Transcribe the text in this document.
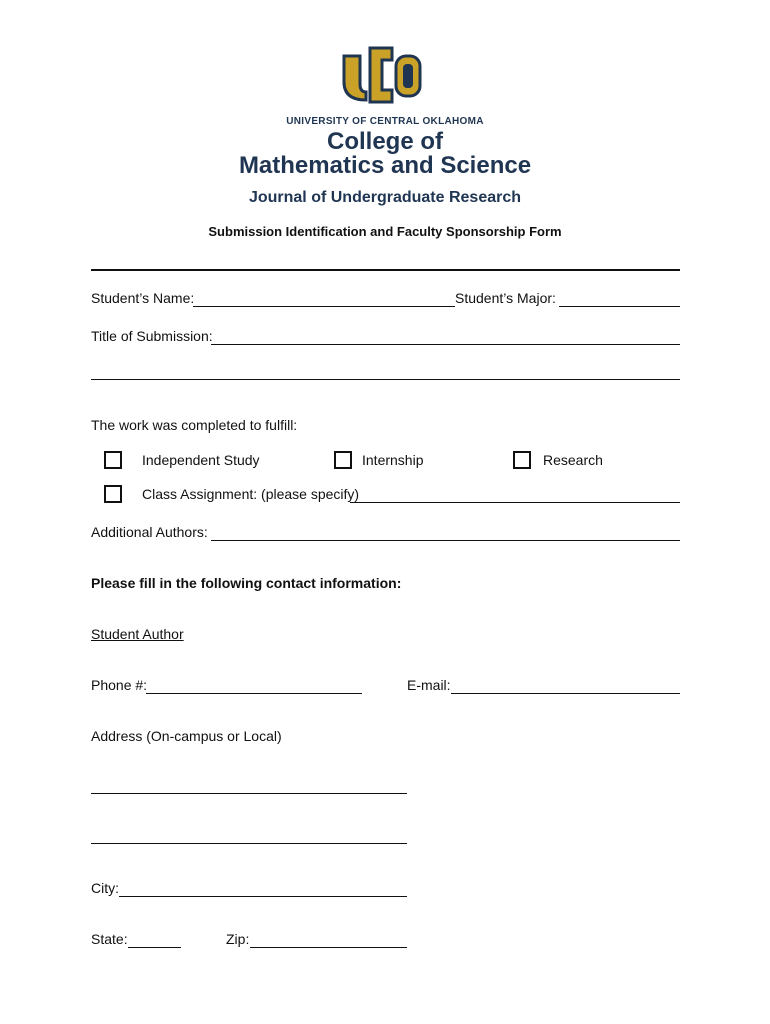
UNIVERSITY OF CENTRAL OKLAHOMA
College of
Mathematics and Science
Journal of Undergraduate Research
Submission Identification and Faculty Sponsorship Form
Student’s Name:	Student’s Major:
Title of Submission:
The work was completed to fulfill:
Independent Study	Internship	Research
Class Assignment: (please specify)
Additional Authors:
Please fill in the following contact information:
Student Author
Phone #:	E-mail:
Address (On-campus or Local)
City:
State:	Zip:
